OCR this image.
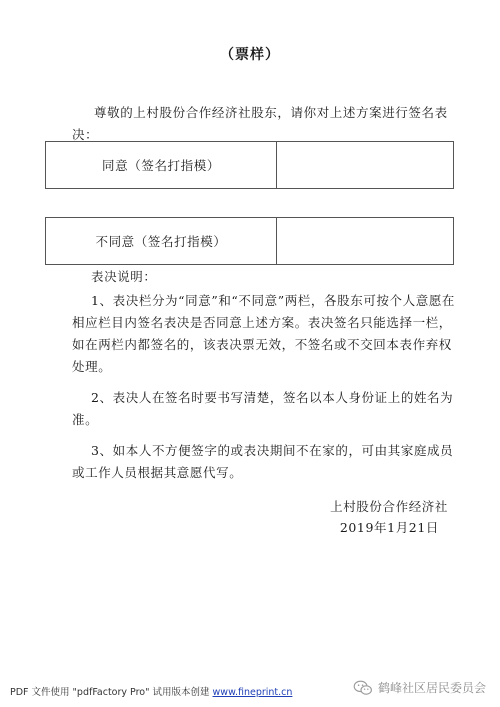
（票样）
尊敬的上村股份合作经济社股东，请你对上述方案进行签名表
决：
同意（签名打指模）
不同意（签名打指模）
表决说明：
1、表决栏分为“同意”和“不同意”两栏，各股东可按个人意愿在相应栏目内签名表决是否同意上述方案。表决签名只能选择一栏，如在两栏内都签名的，该表决票无效，不签名或不交回本表作弃权处理。
2、表决人在签名时要书写清楚，签名以本人身份证上的姓名为准。
3、如本人不方便签字的或表决期间不在家的，可由其家庭成员或工作人员根据其意愿代写。
上村股份合作经济社
2019年1月21日
PDF 文件使用 "pdfFactory Pro" 试用版本创建 www.fineprint.cn	鹤峰社区居民委员会
